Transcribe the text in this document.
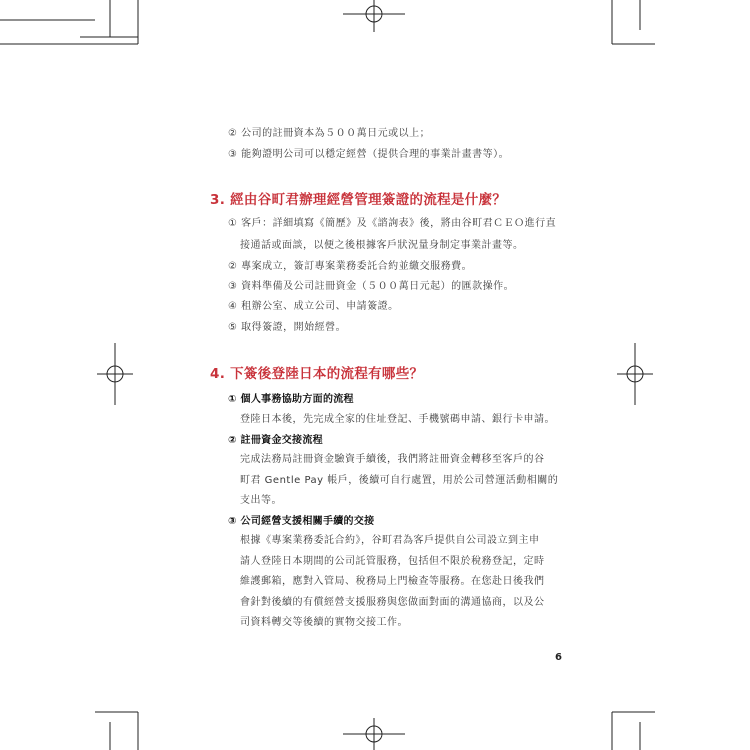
② 公司的註冊資本為５００萬日元或以上；
③ 能夠證明公司可以穩定經營（提供合理的事業計畫書等）。
3. 經由谷町君辦理經營管理簽證的流程是什麼？
① 客戶：詳細填寫《簡歷》及《諮詢表》後，將由谷町君ＣＥＯ進行直
接通話或面談，以便之後根據客戶狀況量身制定事業計畫等。
② 專案成立，簽訂專案業務委託合約並繳交服務費。
③ 資料準備及公司註冊資金（５００萬日元起）的匯款操作。
④ 租辦公室、成立公司、申請簽證。
⑤ 取得簽證，開始經營。
4. 下簽後登陸日本的流程有哪些？
① 個人事務協助方面的流程
登陸日本後，先完成全家的住址登記、手機號碼申請、銀行卡申請。
② 註冊資金交接流程
完成法務局註冊資金驗資手續後，我們將註冊資金轉移至客戶的谷
町君 Gentle Pay 帳戶，後續可自行處置，用於公司營運活動相關的
支出等。
③ 公司經營支援相關手續的交接
根據《專案業務委託合約》，谷町君為客戶提供自公司設立到主申
請人登陸日本期間的公司託管服務，包括但不限於稅務登記，定時
維護郵箱，應對入管局、稅務局上門檢查等服務。在您赴日後我們
會針對後續的有償經營支援服務與您做面對面的溝通協商，以及公
司資料轉交等後續的實物交接工作。
6
